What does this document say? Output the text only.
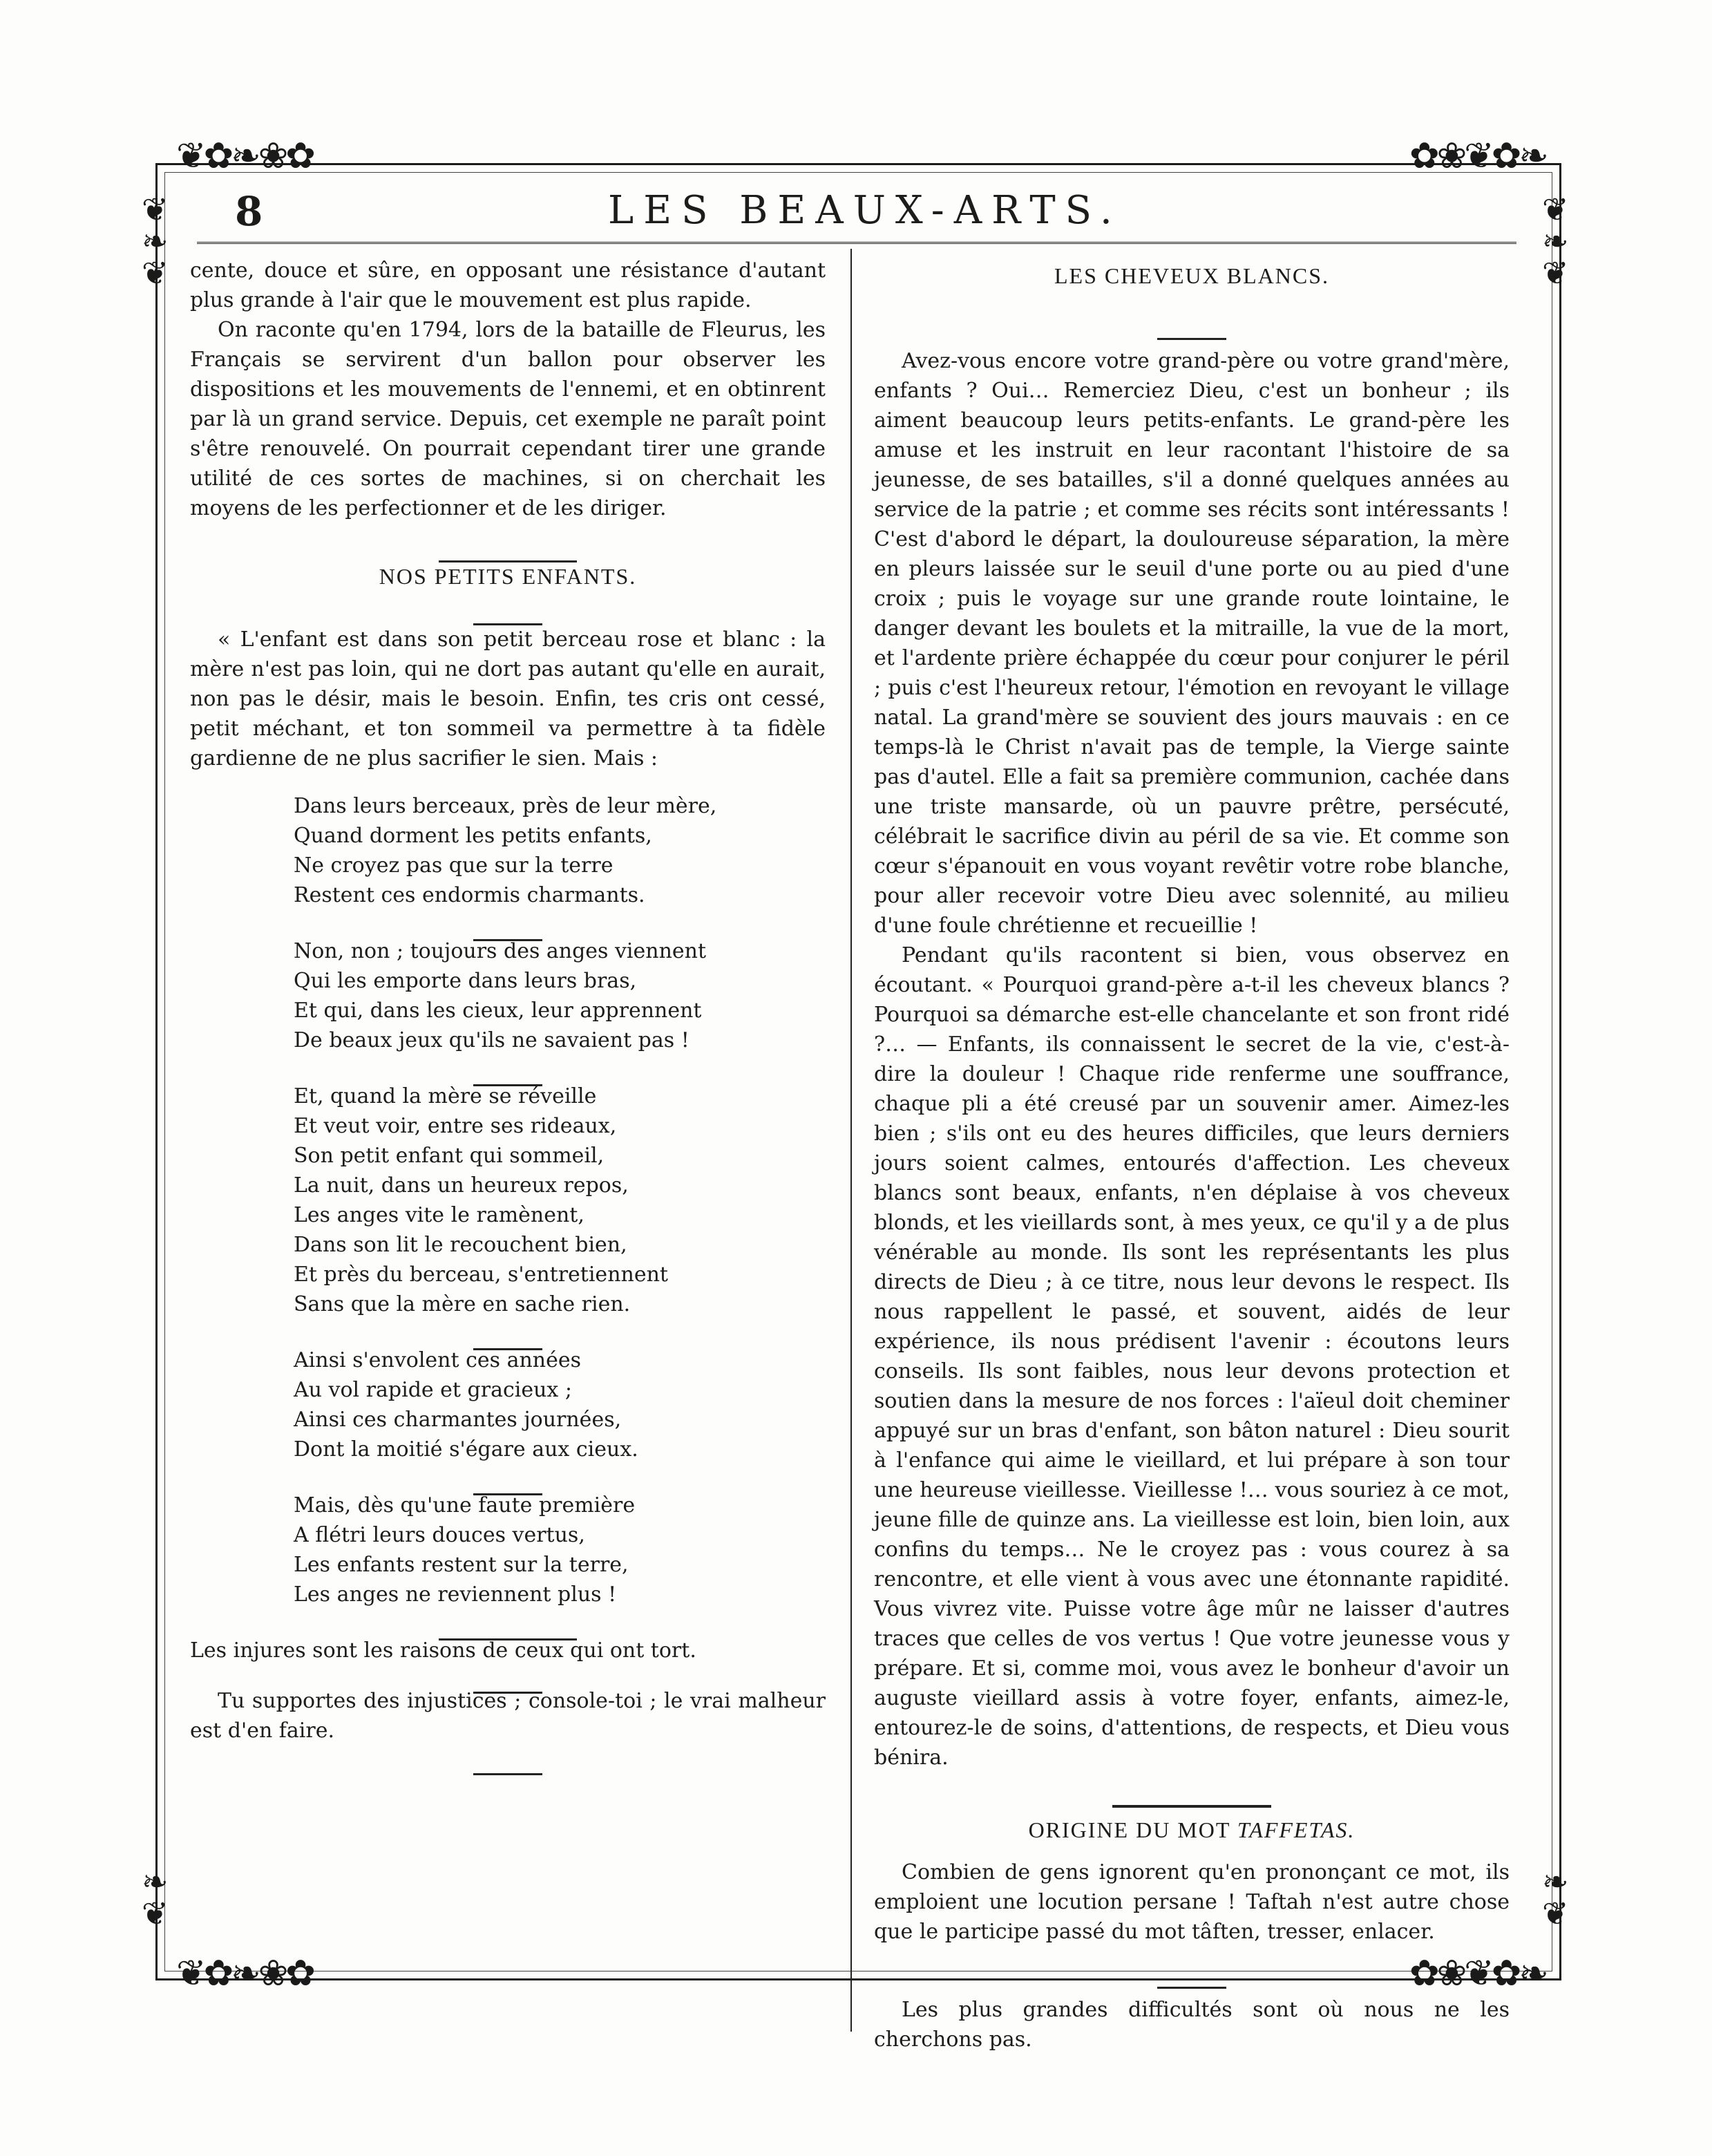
❦✿❧❀✿	✿❀❦✿❧
❦✿❧❀✿	✿❀❦✿❧
❦
❧
❦
❦
❧
❦
❧
❦
❧
❦
8	LES BEAUX-ARTS.

cente, douce et sûre, en opposant une résistance d'autant plus grande à l'air que le mouvement est plus rapide.

On raconte qu'en 1794, lors de la bataille de Fleurus, les Français se servirent d'un ballon pour observer les dispositions et les mouvements de l'ennemi, et en obtinrent par là un grand service. Depuis, cet exemple ne paraît point s'être renouvelé. On pourrait cependant tirer une grande utilité de ces sortes de machines, si on cherchait les moyens de les perfectionner et de les diriger.

NOS PETITS ENFANTS.

« L'enfant est dans son petit berceau rose et blanc : la mère n'est pas loin, qui ne dort pas autant qu'elle en aurait, non pas le désir, mais le besoin. Enfin, tes cris ont cessé, petit méchant, et ton sommeil va permettre à ta fidèle gardienne de ne plus sacrifier le sien. Mais :

Dans leurs berceaux, près de leur mère,
Quand dorment les petits enfants,
Ne croyez pas que sur la terre
Restent ces endormis charmants.
Non, non ; toujours des anges viennent
Qui les emporte dans leurs bras,
Et qui, dans les cieux, leur apprennent
De beaux jeux qu'ils ne savaient pas !
Et, quand la mère se réveille
Et veut voir, entre ses rideaux,
Son petit enfant qui sommeil,
La nuit, dans un heureux repos,
Les anges vite le ramènent,
Dans son lit le recouchent bien,
Et près du berceau, s'entretiennent
Sans que la mère en sache rien.
Ainsi s'envolent ces années
Au vol rapide et gracieux ;
Ainsi ces charmantes journées,
Dont la moitié s'égare aux cieux.
Mais, dès qu'une faute première
A flétri leurs douces vertus,
Les enfants restent sur la terre,
Les anges ne reviennent plus !

Les injures sont les raisons de ceux qui ont tort.

Tu supportes des injustices ; console-toi ; le vrai malheur est d'en faire.

LES CHEVEUX BLANCS.

Avez-vous encore votre grand-père ou votre grand'mère, enfants ? Oui… Remerciez Dieu, c'est un bonheur ; ils aiment beaucoup leurs petits-enfants. Le grand-père les amuse et les instruit en leur racontant l'histoire de sa jeunesse, de ses batailles, s'il a donné quelques années au service de la patrie ; et comme ses récits sont intéressants ! C'est d'abord le départ, la douloureuse séparation, la mère en pleurs laissée sur le seuil d'une porte ou au pied d'une croix ; puis le voyage sur une grande route lointaine, le danger devant les boulets et la mitraille, la vue de la mort, et l'ardente prière échappée du cœur pour conjurer le péril ; puis c'est l'heureux retour, l'émotion en revoyant le village natal. La grand'mère se souvient des jours mauvais : en ce temps-là le Christ n'avait pas de temple, la Vierge sainte pas d'autel. Elle a fait sa première communion, cachée dans une triste mansarde, où un pauvre prêtre, persécuté, célébrait le sacrifice divin au péril de sa vie. Et comme son cœur s'épanouit en vous voyant revêtir votre robe blanche, pour aller recevoir votre Dieu avec solennité, au milieu d'une foule chrétienne et recueillie !

Pendant qu'ils racontent si bien, vous observez en écoutant. « Pourquoi grand-père a-t-il les cheveux blancs ? Pourquoi sa démarche est-elle chancelante et son front ridé ?… — Enfants, ils connaissent le secret de la vie, c'est-à-dire la douleur ! Chaque ride renferme une souffrance, chaque pli a été creusé par un souvenir amer. Aimez-les bien ; s'ils ont eu des heures difficiles, que leurs derniers jours soient calmes, entourés d'affection. Les cheveux blancs sont beaux, enfants, n'en déplaise à vos cheveux blonds, et les vieillards sont, à mes yeux, ce qu'il y a de plus vénérable au monde. Ils sont les représentants les plus directs de Dieu ; à ce titre, nous leur devons le respect. Ils nous rappellent le passé, et souvent, aidés de leur expérience, ils nous prédisent l'avenir : écoutons leurs conseils. Ils sont faibles, nous leur devons protection et soutien dans la mesure de nos forces : l'aïeul doit cheminer appuyé sur un bras d'enfant, son bâton naturel : Dieu sourit à l'enfance qui aime le vieillard, et lui prépare à son tour une heureuse vieillesse. Vieillesse !… vous souriez à ce mot, jeune fille de quinze ans. La vieillesse est loin, bien loin, aux confins du temps… Ne le croyez pas : vous courez à sa rencontre, et elle vient à vous avec une étonnante rapidité. Vous vivrez vite. Puisse votre âge mûr ne laisser d'autres traces que celles de vos vertus ! Que votre jeunesse vous y prépare. Et si, comme moi, vous avez le bonheur d'avoir un auguste vieillard assis à votre foyer, enfants, aimez-le, entourez-le de soins, d'attentions, de respects, et Dieu vous bénira.

ORIGINE DU MOT TAFFETAS.

Combien de gens ignorent qu'en prononçant ce mot, ils emploient une locution persane ! Taftah n'est autre chose que le participe passé du mot tâften, tresser, enlacer.

Les plus grandes difficultés sont où nous ne les cherchons pas.
